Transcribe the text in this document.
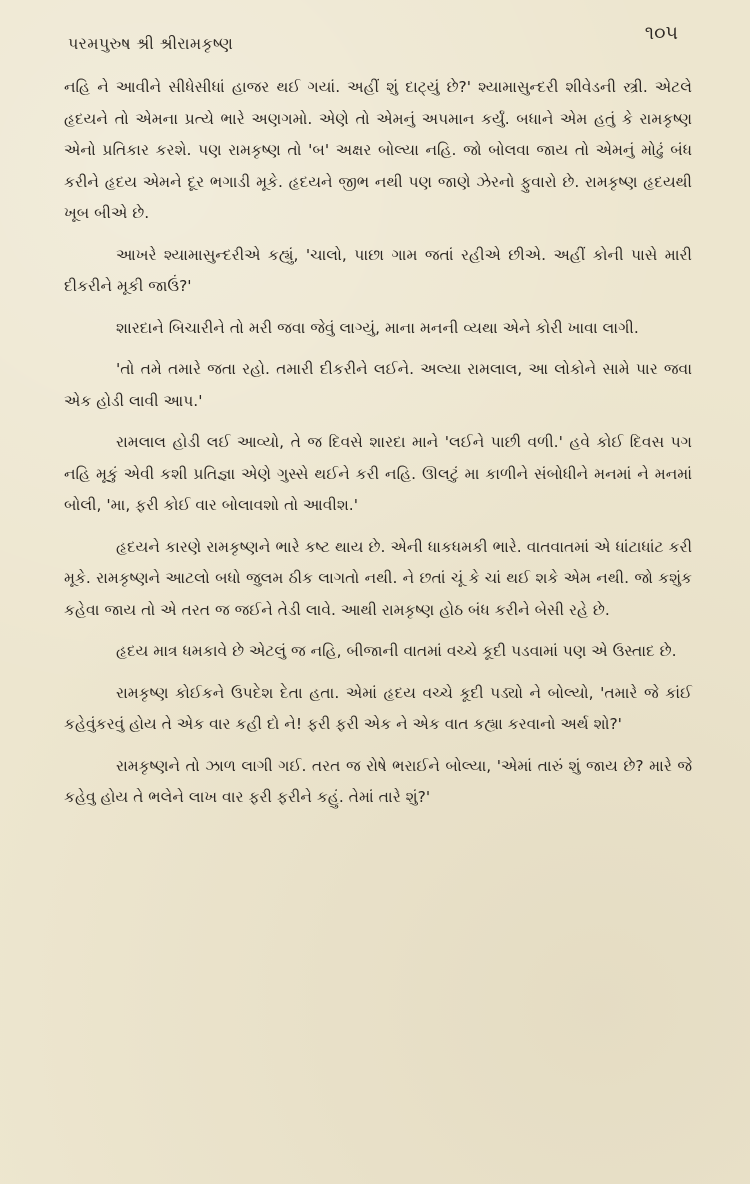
પરમપુરુષ શ્રી શ્રીરામકૃષ્ણ	૧૦૫

નહિ ને આવીને સીધેસીધાં હાજર થઈ ગયાં. અહીં શું દાટ્યું છે?' શ્યામાસુન્દરી શીવેડની સ્ત્રી. એટલે હૃદયને તો એમના પ્રત્યે ભારે અણગમો. એણે તો એમનું અપમાન કર્યું. બધાને એમ હતું કે રામકૃષ્ણ એનો પ્રતિકાર કરશે. પણ રામકૃષ્ણ તો 'બ' અક્ષર બોલ્યા નહિ. જો બોલવા જાય તો એમનું મોઢું બંધ કરીને હૃદય એમને દૂર ભગાડી મૂકે. હૃદયને જીભ નથી પણ જાણે ઝેરનો ફુવારો છે. રામકૃષ્ણ હૃદયથી ખૂબ બીએ છે.

આખરે શ્યામાસુન્દરીએ કહ્યું, 'ચાલો, પાછા ગામ જતાં રહીએ છીએ. અહીં કોની પાસે મારી દીકરીને મૂકી જાઉં?'

શારદાને બિચારીને તો મરી જવા જેવું લાગ્યું, માના મનની વ્યથા એને કોરી ખાવા લાગી.

'તો તમે તમારે જતા રહો. તમારી દીકરીને લઈને. અલ્યા રામલાલ, આ લોકોને સામે પાર જવા એક હોડી લાવી આપ.'

રામલાલ હોડી લઈ આવ્યો, તે જ દિવસે શારદા માને 'લઈને પાછી વળી.' હવે કોઈ દિવસ પગ નહિ મૂકું એવી કશી પ્રતિજ્ઞા એણે ગુસ્સે થઈને કરી નહિ. ઊલટું મા કાળીને સંબોધીને મનમાં ને મનમાં બોલી, 'મા, ફરી કોઈ વાર બોલાવશો તો આવીશ.'

હૃદયને કારણે રામકૃષ્ણને ભારે કષ્ટ થાય છે. એની ધાકધમકી ભારે. વાતવાતમાં એ ધાંટાધાંટ કરી મૂકે. રામકૃષ્ણને આટલો બધો જુલમ ઠીક લાગતો નથી. ને છતાં ચૂં કે ચાં થઈ શકે એમ નથી. જો કશુંક કહેવા જાય તો એ તરત જ જઈને તેડી લાવે. આથી રામકૃષ્ણ હોઠ બંધ કરીને બેસી રહે છે.

હૃદય માત્ર ધમકાવે છે એટલું જ નહિ, બીજાની વાતમાં વચ્ચે કૂદી પડવામાં પણ એ ઉસ્તાદ છે.

રામકૃષ્ણ કોઈકને ઉપદેશ દેતા હતા. એમાં હૃદય વચ્ચે કૂદી પડ્યો ને બોલ્યો, 'તમારે જે કાંઈ કહેવુંકરવું હોય તે એક વાર કહી દો ને! ફરી ફરી એક ને એક વાત કહ્યા કરવાનો અર્થ શો?'

રામકૃષ્ણને તો ઝાળ લાગી ગઈ. તરત જ રોષે ભરાઈને બોલ્યા, 'એમાં તારું શું જાય છે? મારે જે કહેવુ હોય તે ભલેને લાખ વાર ફરી ફરીને કહું. તેમાં તારે શું?'
